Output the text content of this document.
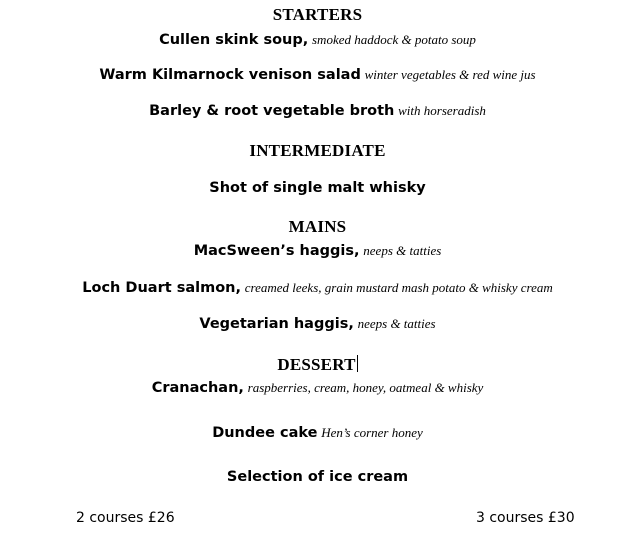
STARTERS
Cullen skink soup, smoked haddock & potato soup
Warm Kilmarnock venison salad winter vegetables & red wine jus
Barley & root vegetable broth with horseradish
INTERMEDIATE
Shot of single malt whisky
MAINS
MacSween’s haggis, neeps & tatties
Loch Duart salmon, creamed leeks, grain mustard mash potato & whisky cream
Vegetarian haggis, neeps & tatties
DESSERT
Cranachan, raspberries, cream, honey, oatmeal & whisky
Dundee cake Hen’s corner honey
Selection of ice cream
2 courses £26	3 courses £30
